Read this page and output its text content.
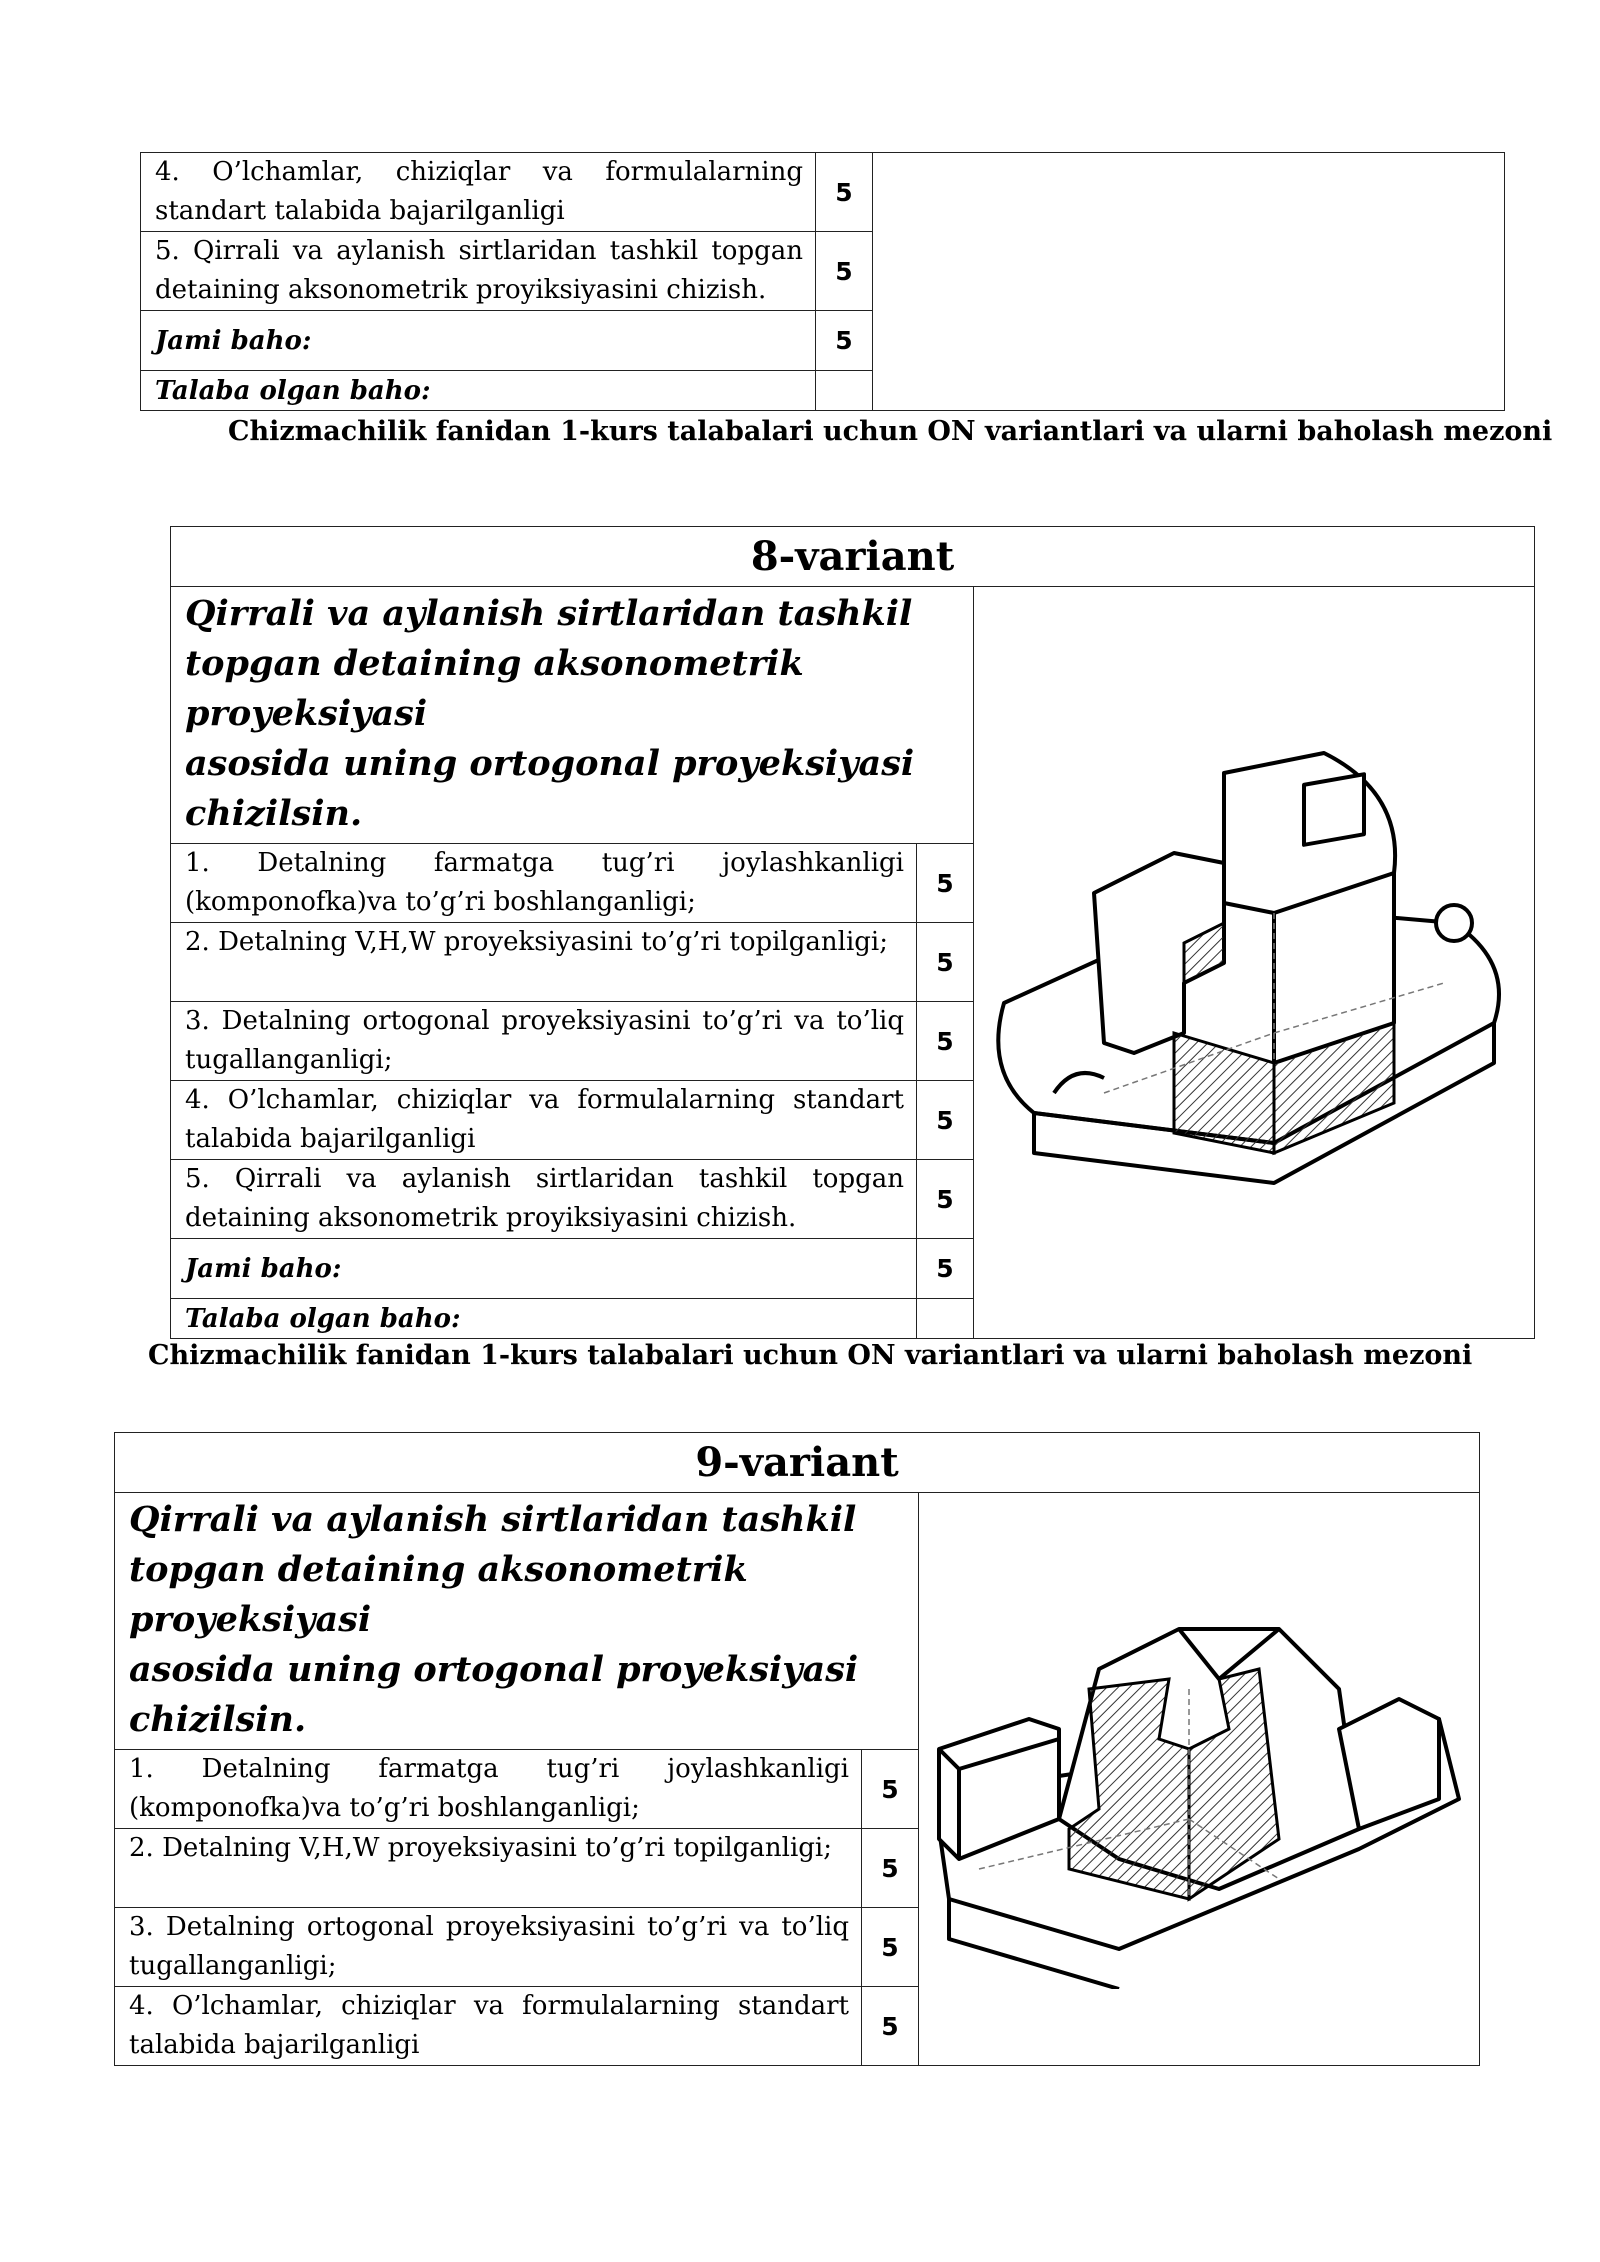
4. O’lchamlar, chiziqlar va formulalarning standart talabida bajarilganligi	5	
5. Qirrali va aylanish sirtlaridan tashkil topgan detaining aksonometrik proyiksiyasini chizish.	5	
Jami baho:	5	
Talaba olgan baho:		
Chizmachilik fanidan 1-kurs talabalari uchun ON variantlari va ularni baholash mezoni
8-variant		
Qirrali va aylanish sirtlaridan tashkil topgan detaining aksonometrik proyeksiyasi
asosida uning ortogonal proyeksiyasi chizilsin.	

1. Detalning farmatga tug’ri joylashkanligi (komponofka)va to’g’ri boshlanganligi;	5	
2. Detalning V,H,W proyeksiyasini to’g’ri topilganligi;	5	
3. Detalning ortogonal proyeksiyasini to’g’ri va to’liq tugallanganligi;	5	
4. O’lchamlar, chiziqlar va formulalarning standart talabida bajarilganligi	5	
5. Qirrali va aylanish sirtlaridan tashkil topgan detaining aksonometrik proyiksiyasini chizish.	5	
Jami baho:	5	
Talaba olgan baho:		
Chizmachilik fanidan 1-kurs talabalari uchun ON variantlari va ularni baholash mezoni
9-variant		
Qirrali va aylanish sirtlaridan tashkil topgan detaining aksonometrik proyeksiyasi
asosida uning ortogonal proyeksiyasi chizilsin.	

1. Detalning farmatga tug’ri joylashkanligi (komponofka)va to’g’ri boshlanganligi;	5	
2. Detalning V,H,W proyeksiyasini to’g’ri topilganligi;	5	
3. Detalning ortogonal proyeksiyasini to’g’ri va to’liq tugallanganligi;	5	
4. O’lchamlar, chiziqlar va formulalarning standart talabida bajarilganligi	5	
